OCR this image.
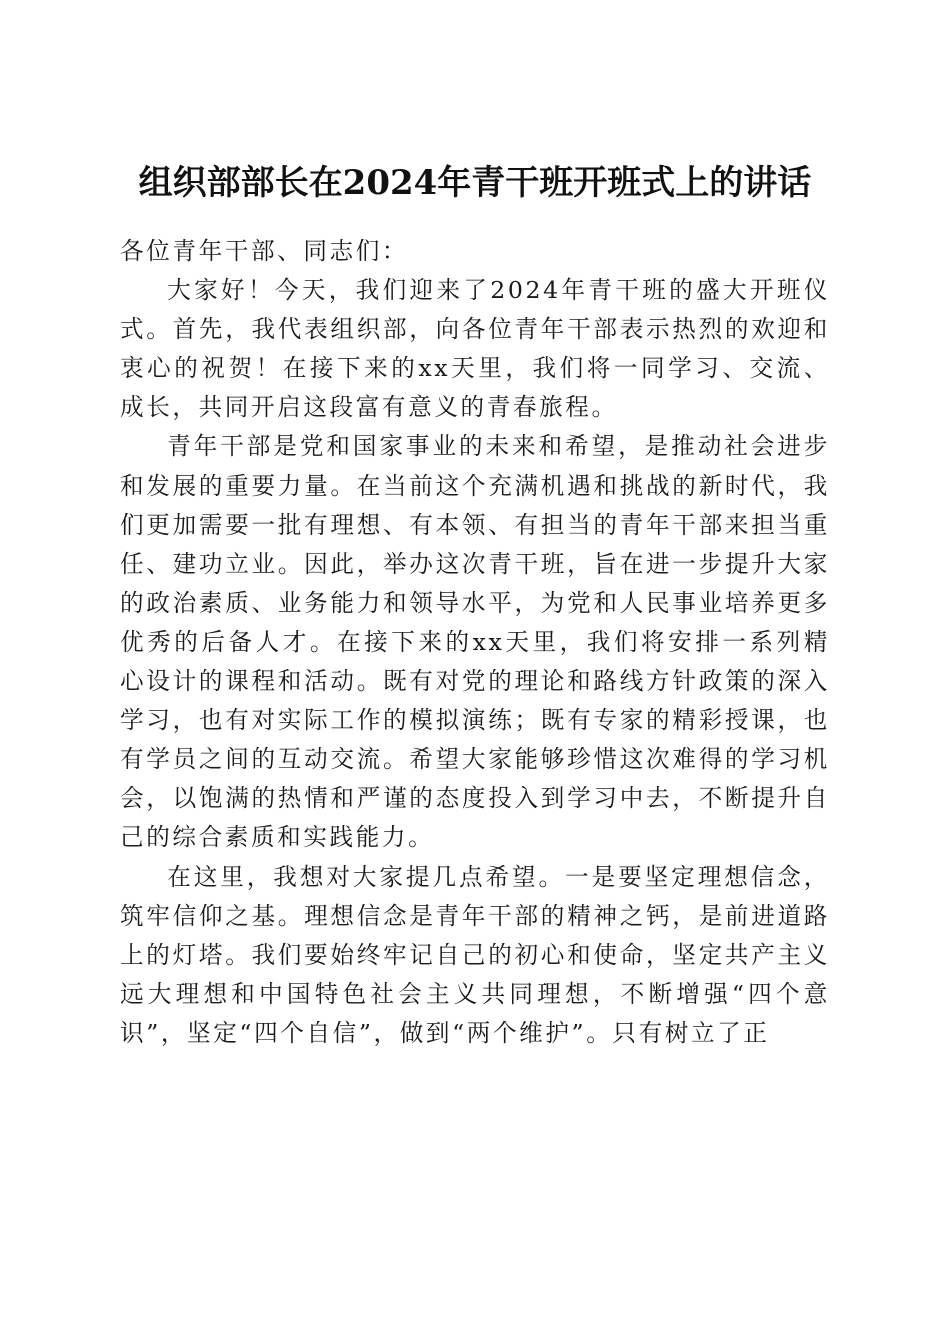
组织部部长在2024年青干班开班式上的讲话

各位青年干部、同志们：

大家好！今天，我们迎来了2024年青干班的盛大开班仪式。首先，我代表组织部，向各位青年干部表示热烈的欢迎和衷心的祝贺！在接下来的xx天里，我们将一同学习、交流、成长，共同开启这段富有意义的青春旅程。

青年干部是党和国家事业的未来和希望，是推动社会进步和发展的重要力量。在当前这个充满机遇和挑战的新时代，我们更加需要一批有理想、有本领、有担当的青年干部来担当重任、建功立业。因此，举办这次青干班，旨在进一步提升大家的政治素质、业务能力和领导水平，为党和人民事业培养更多优秀的后备人才。在接下来的xx天里，我们将安排一系列精心设计的课程和活动。既有对党的理论和路线方针政策的深入学习，也有对实际工作的模拟演练；既有专家的精彩授课，也有学员之间的互动交流。希望大家能够珍惜这次难得的学习机会，以饱满的热情和严谨的态度投入到学习中去，不断提升自己的综合素质和实践能力。

在这里，我想对大家提几点希望。一是要坚定理想信念，筑牢信仰之基。理想信念是青年干部的精神之钙，是前进道路上的灯塔。我们要始终牢记自己的初心和使命，坚定共产主义远大理想和中国特色社会主义共同理想，不断增强“四个意识”，坚定“四个自信”，做到“两个维护”。只有树立了正
